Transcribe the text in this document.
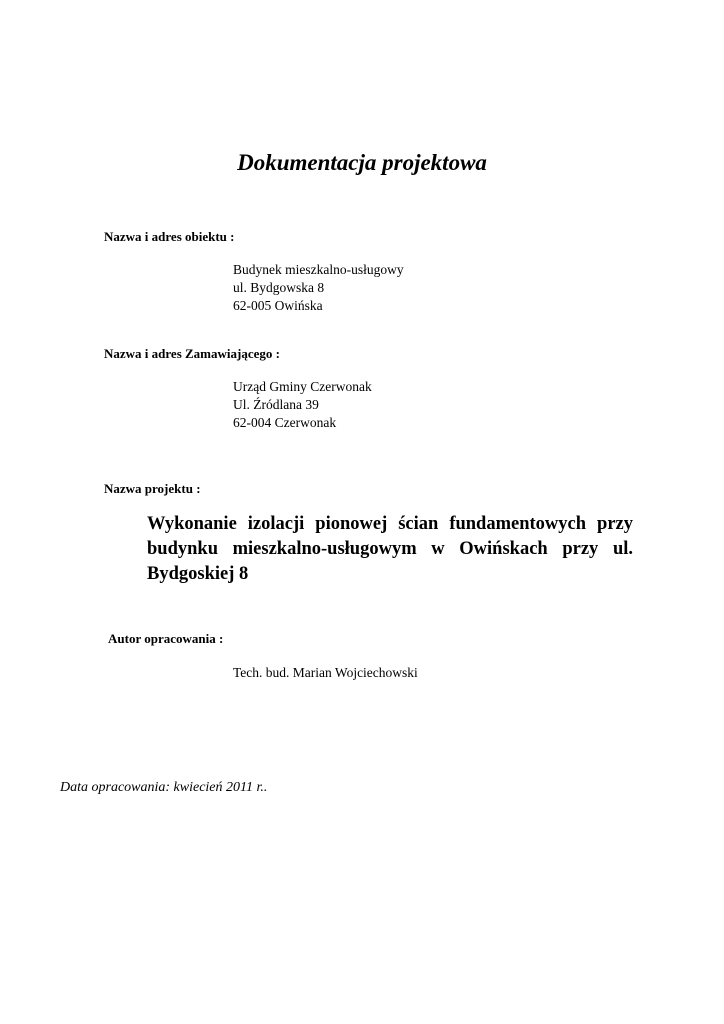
Dokumentacja projektowa
Nazwa i adres obiektu :
Budynek mieszkalno-usługowy
ul. Bydgowska 8
62-005 Owińska
Nazwa i adres Zamawiającego :
Urząd Gminy Czerwonak
Ul. Źródlana 39
62-004 Czerwonak
Nazwa projektu :
Wykonanie izolacji pionowej ścian fundamentowych przy budynku mieszkalno-usługowym w Owińskach przy ul. Bydgoskiej 8
Autor opracowania :
Tech. bud. Marian Wojciechowski
Data opracowania: kwiecień 2011 r..
